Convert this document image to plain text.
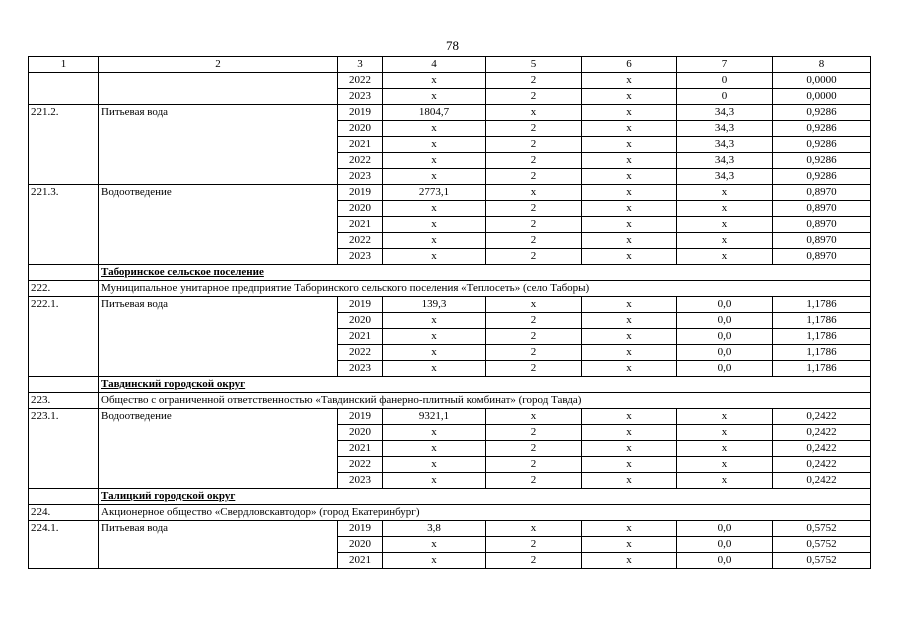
78
1	2	3	4	5	6	7	8
		2022	x	2	x	0	0,0000
		2023	x	2	x	0	0,0000
221.2.	Питьевая вода	2019	1804,7	x	x	34,3	0,9286
		2020	x	2	x	34,3	0,9286
		2021	x	2	x	34,3	0,9286
		2022	x	2	x	34,3	0,9286
		2023	x	2	x	34,3	0,9286
221.3.	Водоотведение	2019	2773,1	x	x	x	0,8970
		2020	x	2	x	x	0,8970
		2021	x	2	x	x	0,8970
		2022	x	2	x	x	0,8970
		2023	x	2	x	x	0,8970
	Таборинское сельское поселение						
222.	Муниципальное унитарное предприятие Таборинского сельского поселения «Теплосеть» (село Таборы)						
222.1.	Питьевая вода	2019	139,3	x	x	0,0	1,1786
		2020	x	2	x	0,0	1,1786
		2021	x	2	x	0,0	1,1786
		2022	x	2	x	0,0	1,1786
		2023	x	2	x	0,0	1,1786
	Тавдинский городской округ						
223.	Общество с ограниченной ответственностью «Тавдинский фанерно-плитный комбинат» (город Тавда)						
223.1.	Водоотведение	2019	9321,1	x	x	x	0,2422
		2020	x	2	x	x	0,2422
		2021	x	2	x	x	0,2422
		2022	x	2	x	x	0,2422
		2023	x	2	x	x	0,2422
	Талицкий городской округ						
224.	Акционерное общество «Свердловскавтодор» (город Екатеринбург)						
224.1.	Питьевая вода	2019	3,8	x	x	0,0	0,5752
		2020	x	2	x	0,0	0,5752
		2021	x	2	x	0,0	0,5752
